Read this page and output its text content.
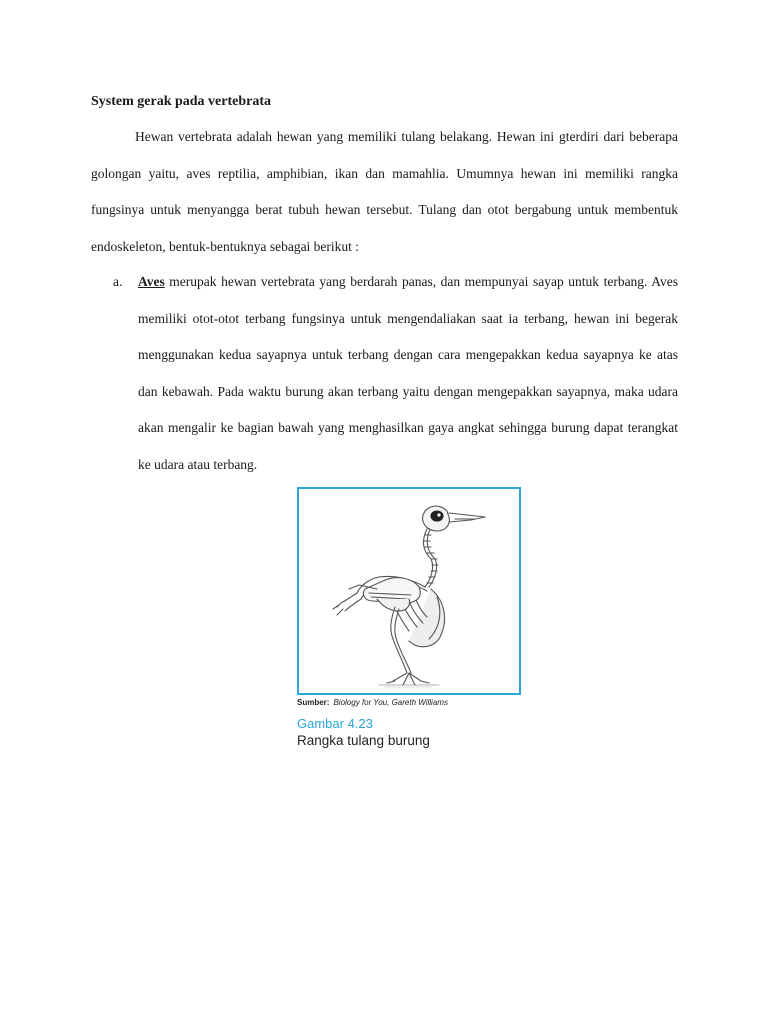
System gerak pada vertebrata

Hewan vertebrata adalah hewan yang memiliki tulang belakang. Hewan ini gterdiri dari beberapa golongan yaitu, aves reptilia, amphibian, ikan dan mamahlia. Umumnya hewan ini memiliki rangka fungsinya untuk menyangga berat tubuh hewan tersebut. Tulang dan otot bergabung untuk membentuk endoskeleton, bentuk-bentuknya sebagai berikut :

a. Aves merupak hewan vertebrata yang berdarah panas, dan mempunyai sayap untuk terbang. Aves memiliki otot-otot terbang fungsinya untuk mengendaliakan saat ia terbang, hewan ini begerak menggunakan kedua sayapnya untuk terbang dengan cara mengepakkan kedua sayapnya ke atas dan kebawah. Pada waktu burung akan terbang yaitu dengan mengepakkan sayapnya, maka udara akan mengalir ke bagian bawah yang menghasilkan gaya angkat sehingga burung dapat terangkat ke udara atau terbang.

Sumber: Biology for You, Gareth Williams
Gambar 4.23
Rangka tulang burung
